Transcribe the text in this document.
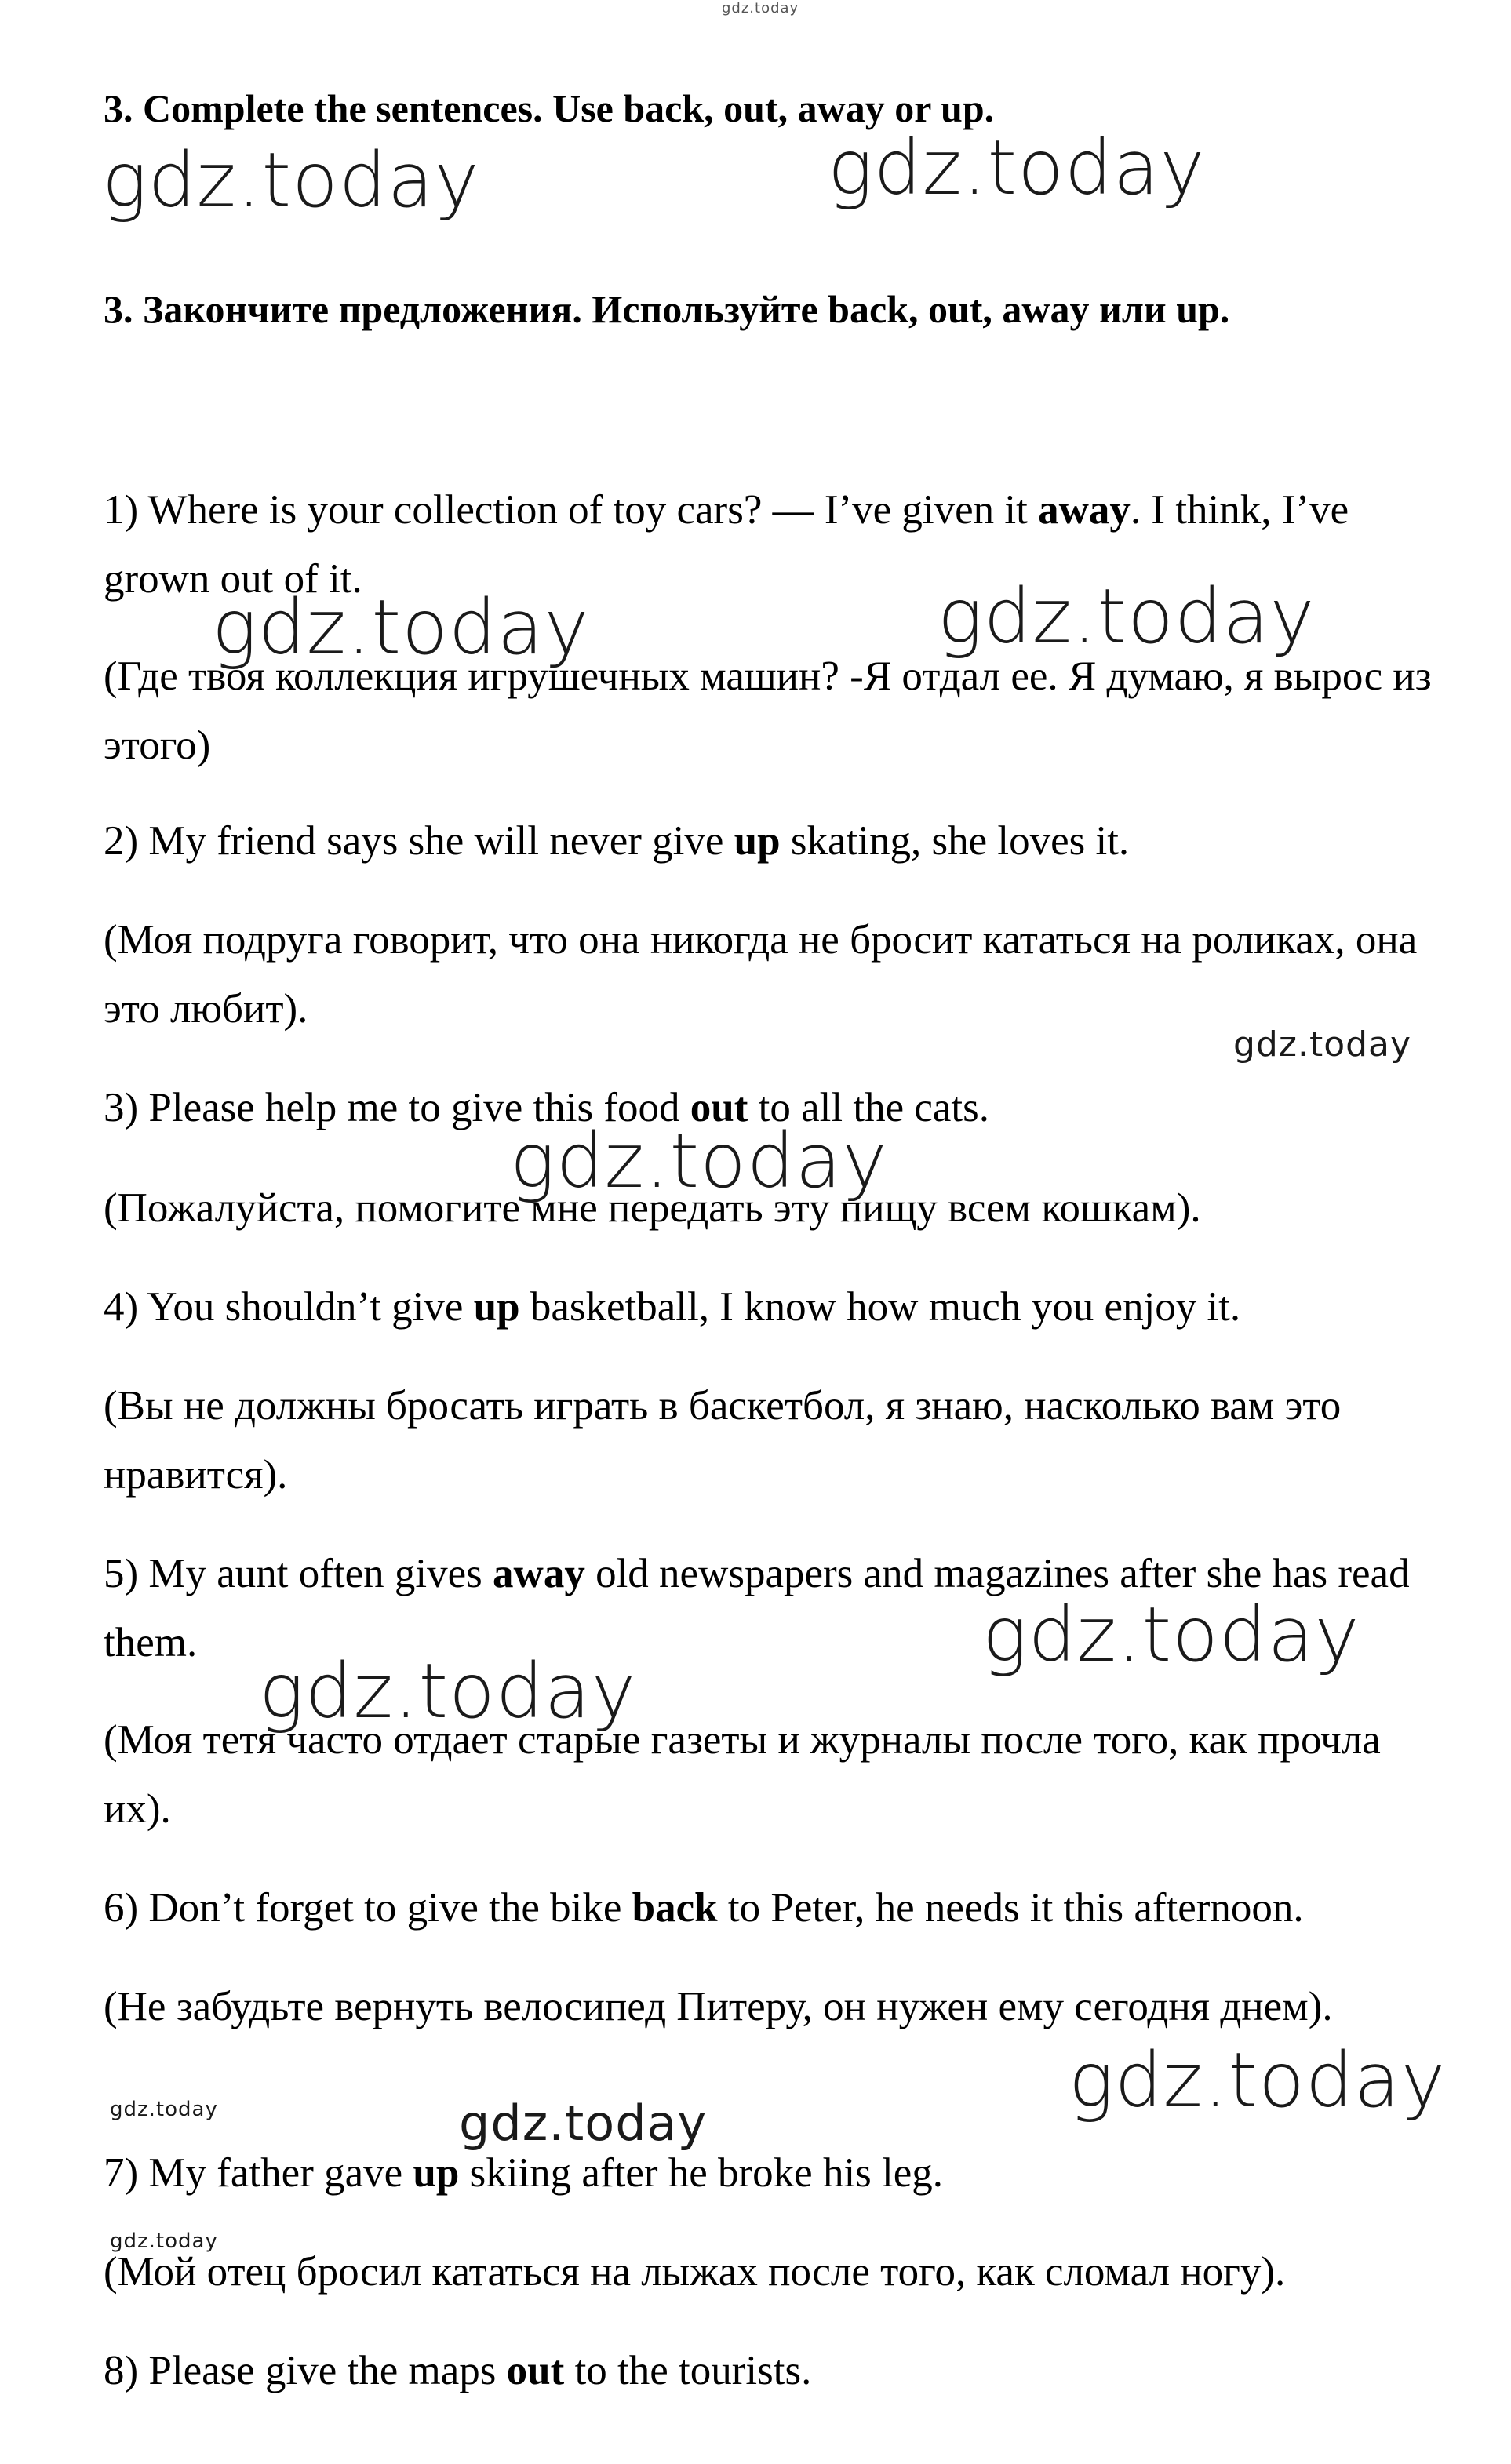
gdz.today

3. Complete the sentences. Use back, out, away or up.

gdz.today	gdz.today

3. Закончите предложения. Используйте back, out, away или up.

1) Where is your collection of toy cars? — I’ve given it away. I think, I’ve grown out of it.

gdz.today	gdz.today

(Где твоя коллекция игрушечных машин? -Я отдал ее. Я думаю, я вырос из этого)

2) My friend says she will never give up skating, she loves it.

(Моя подруга говорит, что она никогда не бросит кататься на роликах, она это любит).

gdz.today

3) Please help me to give this food out to all the cats.

gdz.today

(Пожалуйста, помогите мне передать эту пищу всем кошкам).

4) You shouldn’t give up basketball, I know how much you enjoy it.

(Вы не должны бросать играть в баскетбол, я знаю, насколько вам это нравится).

5) My aunt often gives away old newspapers and magazines after she has read them.	gdz.today
gdz.today

(Моя тетя часто отдает старые газеты и журналы после того, как прочла их).

6) Don’t forget to give the bike back to Peter, he needs it this afternoon.

(Не забудьте вернуть велосипед Питеру, он нужен ему сегодня днем).

gdz.today
gdz.today	gdz.today

7) My father gave up skiing after he broke his leg.

gdz.today

(Мой отец бросил кататься на лыжах после того, как сломал ногу).

8) Please give the maps out to the tourists.
